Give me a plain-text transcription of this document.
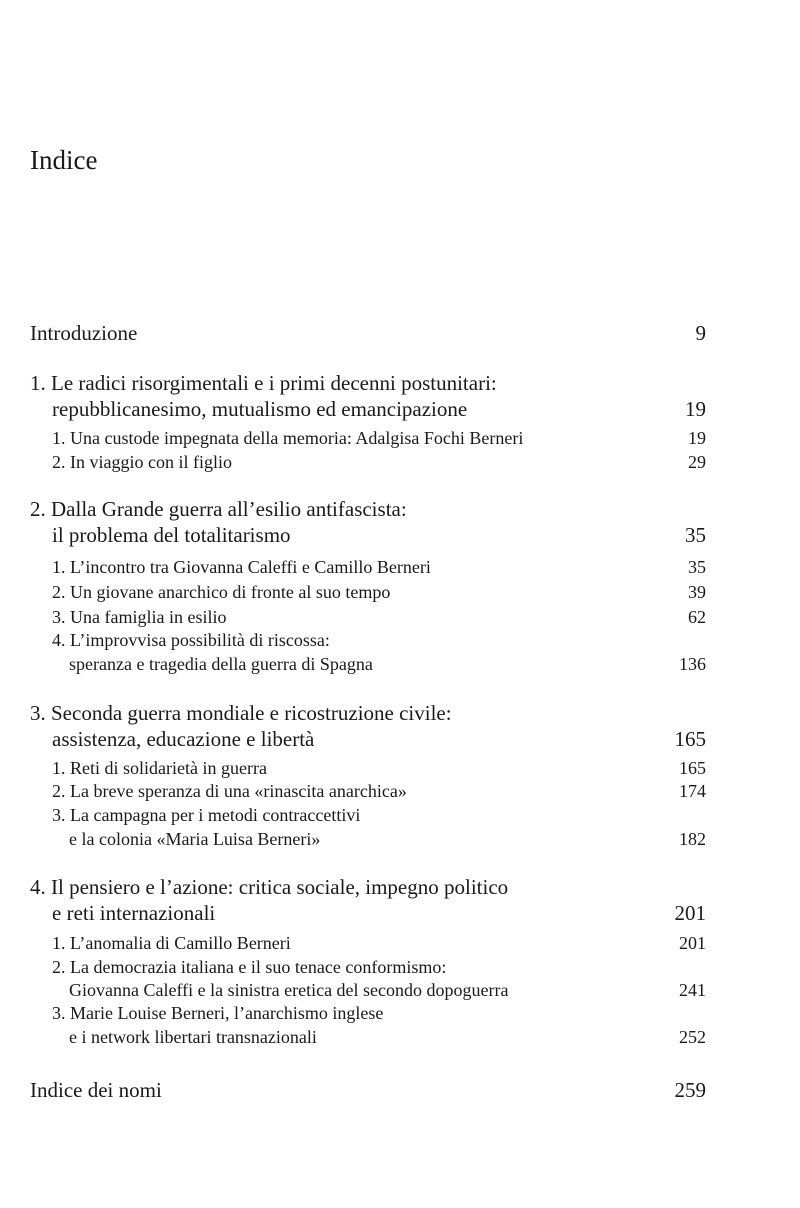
Indice
Introduzione	9
1. Le radici risorgimentali e i primi decenni postunitari:
repubblicanesimo, mutualismo ed emancipazione	19
1. Una custode impegnata della memoria: Adalgisa Fochi Berneri	19
2. In viaggio con il figlio	29
2. Dalla Grande guerra all’esilio antifascista:
il problema del totalitarismo	35
1. L’incontro tra Giovanna Caleffi e Camillo Berneri	35
2. Un giovane anarchico di fronte al suo tempo	39
3. Una famiglia in esilio	62
4. L’improvvisa possibilità di riscossa:
speranza e tragedia della guerra di Spagna	136
3. Seconda guerra mondiale e ricostruzione civile:
assistenza, educazione e libertà	165
1. Reti di solidarietà in guerra	165
2. La breve speranza di una «rinascita anarchica»	174
3. La campagna per i metodi contraccettivi
e la colonia «Maria Luisa Berneri»	182
4. Il pensiero e l’azione: critica sociale, impegno politico
e reti internazionali	201
1. L’anomalia di Camillo Berneri	201
2. La democrazia italiana e il suo tenace conformismo:
Giovanna Caleffi e la sinistra eretica del secondo dopoguerra	241
3. Marie Louise Berneri, l’anarchismo inglese
e i network libertari transnazionali	252
Indice dei nomi	259
